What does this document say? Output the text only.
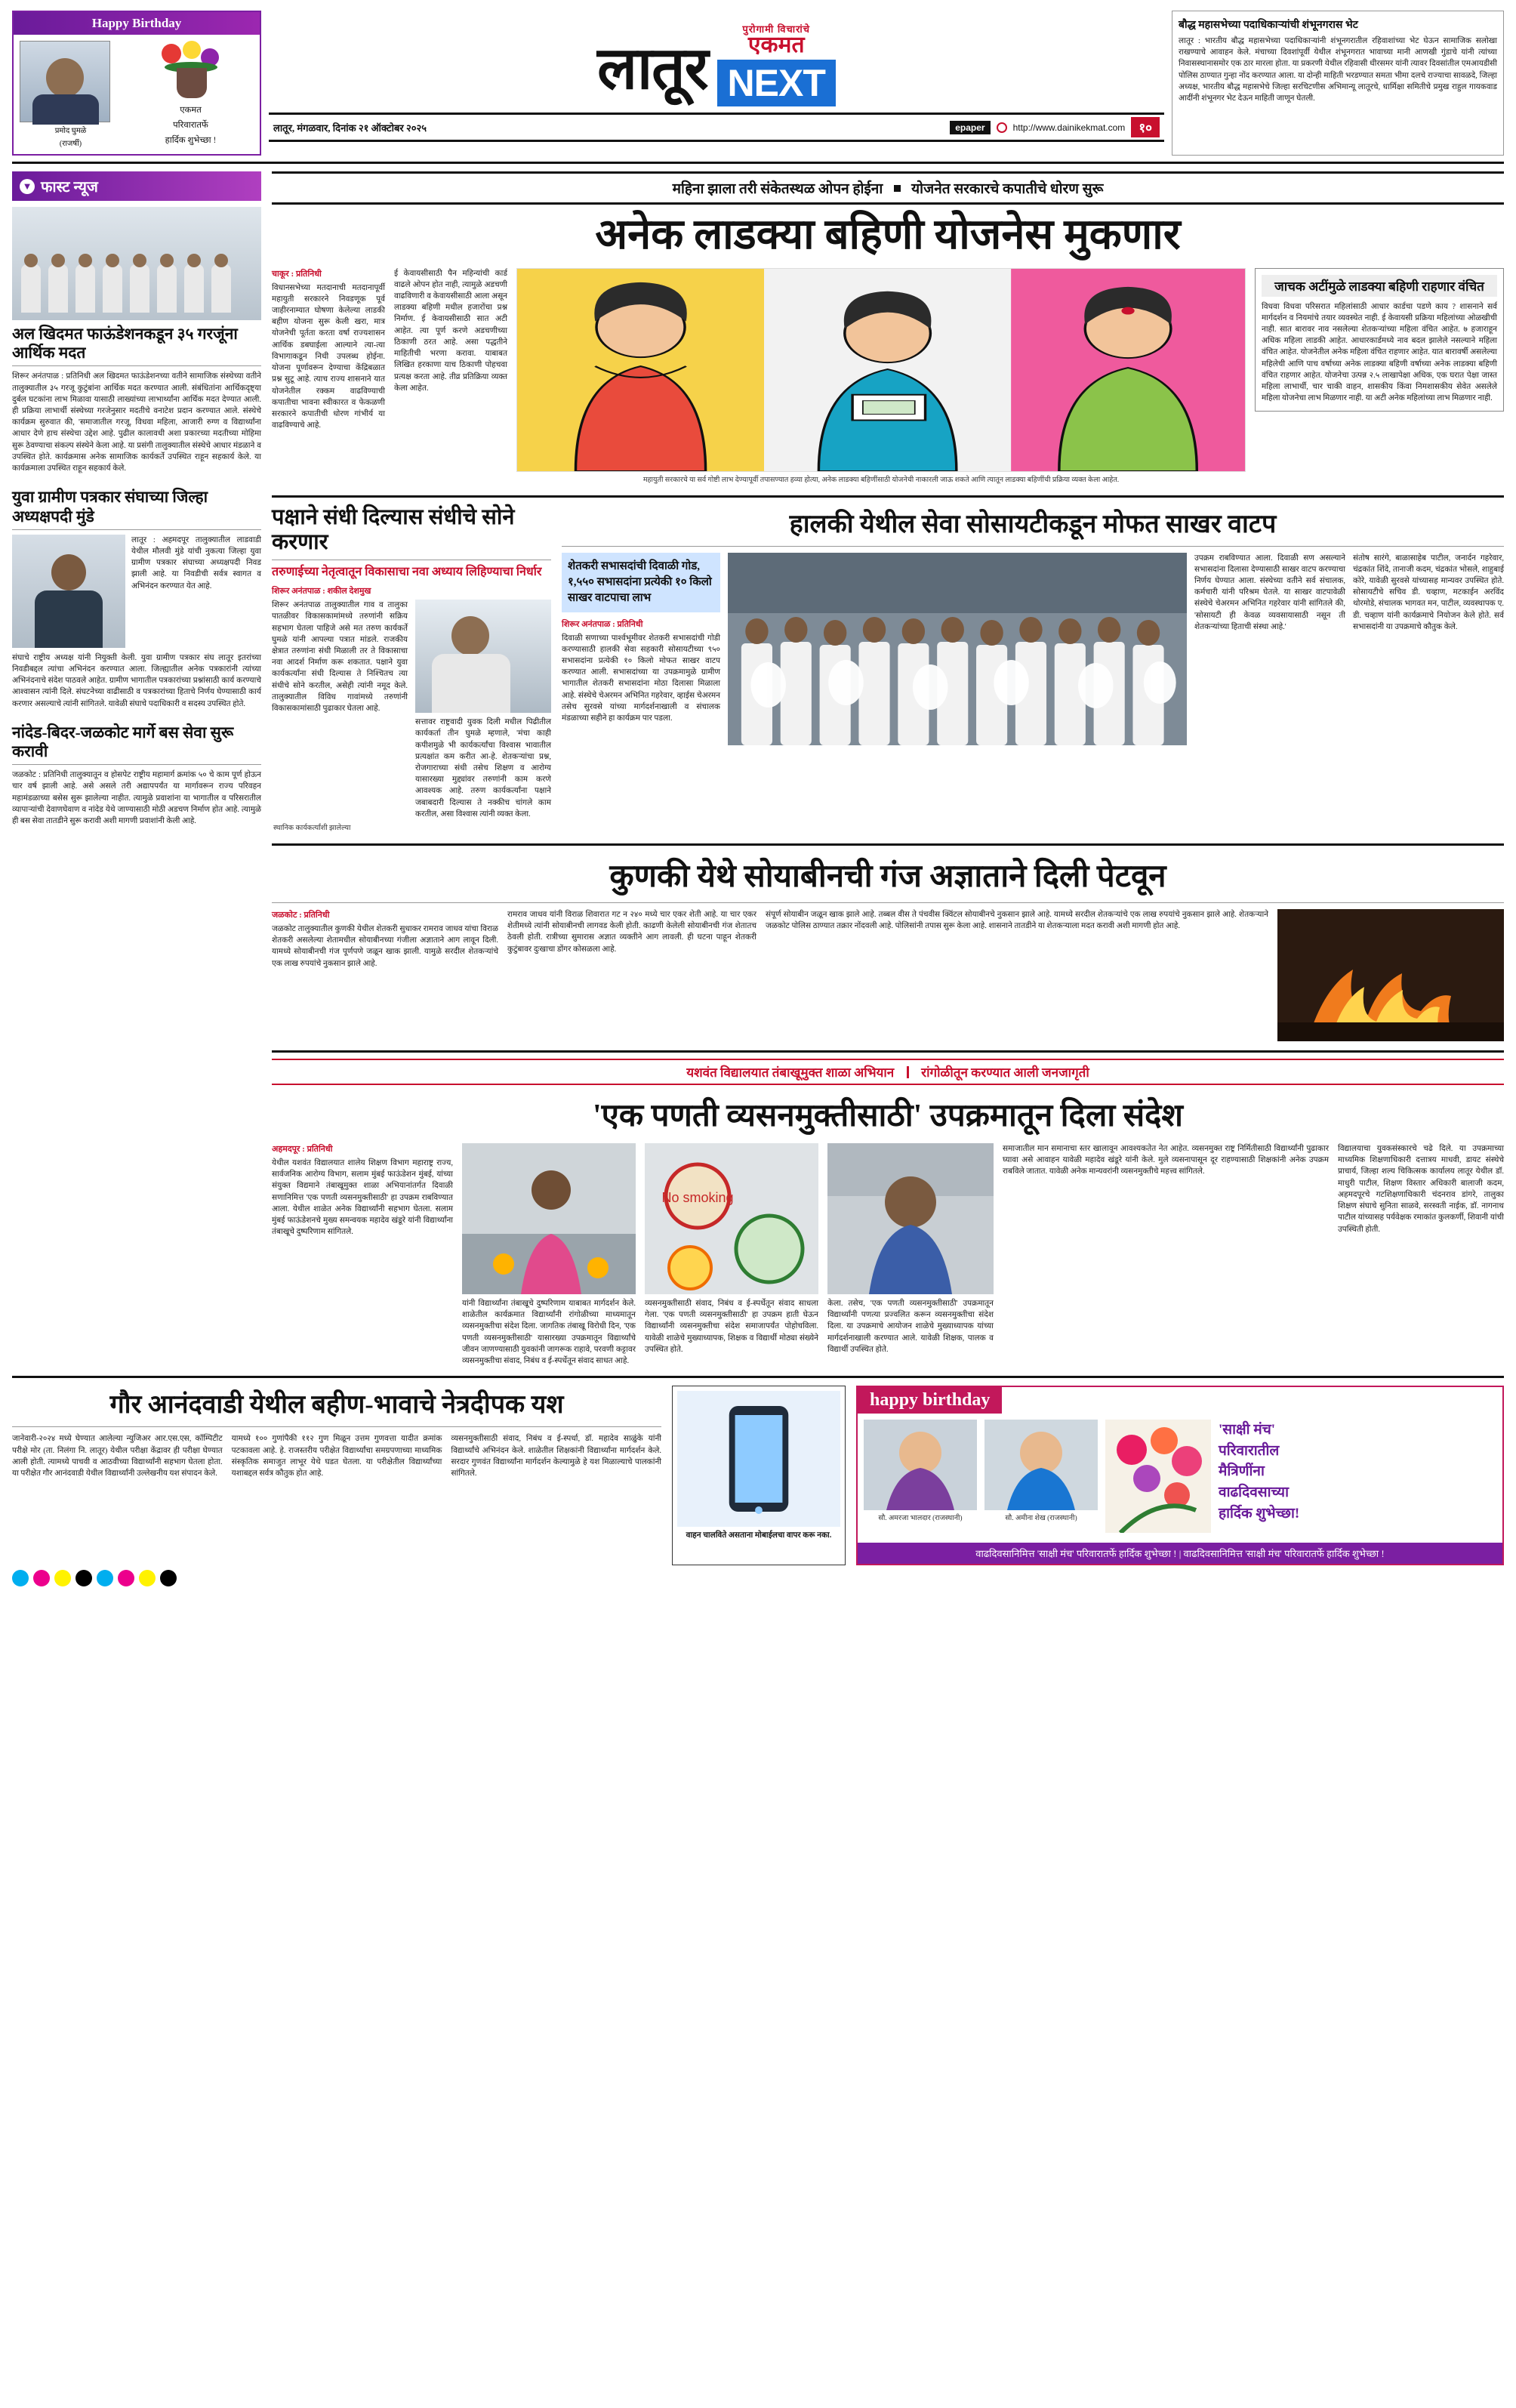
Happy Birthday
प्रमोद घुमळे
(राजर्षी)
एकमत
परिवारातर्फे
हार्दिक शुभेच्छा !
लातूर
पुरोगामी विचारांचे
एकमत
NEXT
लातूर, मंगळवार, दिनांक २१ ऑक्टोबर २०२५	epaper	http://www.dainikekmat.com	१०
बौद्ध महासभेच्या पदाधिकाऱ्यांची शंभूनगरास भेट
लातूर : भारतीय बौद्ध महासभेच्या पदाधिकाऱ्यांनी शंभूनगरातील रहिवाशांच्या भेट घेऊन सामाजिक सलोखा राखण्याचे आवाहन केले. मंचाच्या दिवशांपूर्वी येथील शंभूनगरात भावाच्या मानी आणखी गुंडाचे यांनी त्यांच्या निवासस्थानासमोर एक ठार मारला होता. या प्रकरणी येथील रहिवासी धीरसमर यांनी त्यावर दिवसांतील एमआयडीसी पोलिस ठाण्यात गुन्हा नोंद करण्यात आला. या दोन्ही माहिती भरडण्यात समता भीमा दलचे राज्याचा सावळदे, जिल्हा अध्यक्ष, भारतीय बौद्ध महासभेचे जिल्हा सरचिटणीस अभिमान्यू लातूरचे, धार्मिक्षा समितीचे प्रमुख राहुल गायकवाड आदींनी शंभूनगर भेट देऊन माहिती जाणून घेतली.
▼ फास्ट न्यूज
अल खिदमत फाऊंडेशनकडून ३५ गरजूंना आर्थिक मदत
शिरूर अनंतपाळ : प्रतिनिधी अल खिदमत फाऊंडेशनच्या वतीने सामाजिक संस्थेच्या वतीने तालुक्यातील ३५ गरजू कुटुंबांना आर्थिक मदत करण्यात आली. संबंधितांना आर्थिकदृष्ट्या दुर्बल घटकांना लाभ मिळावा यासाठी लाख्यांच्या लाभार्थ्यांना आर्थिक मदत देण्यात आली. ही प्रक्रिया लाभार्थी संस्थेच्या गरजेनुसार मदतीचे वनाटेश प्रदान करण्यात आले. संस्थेचे कार्यक्रम सुरुवात की, 'समाजातील गरजू, विधवा महिला, आजारी रुग्ण व विद्यार्थ्यांना आधार देणे हाच संस्थेचा उद्देश आहे. पुढील कालावधी अशा प्रकारच्या मदतीच्या मोहिमा सुरू ठेवण्याचा संकल्प संस्थेने केला आहे. या प्रसंगी तालुक्यातील संस्थेचे आधार मंडळाने व उपस्थित होते. कार्यक्रमास अनेक सामाजिक कार्यकर्ते उपस्थित राहून सहकार्य केले. या कार्यक्रमाला उपस्थित राहून सहकार्य केले.
युवा ग्रामीण पत्रकार संघाच्या जिल्हा अध्यक्षपदी मुंडे
लातूर : अहमदपूर तालुक्यातील लाडवाडी येथील मौलवी मुंडे यांची नुकत्या जिल्हा युवा ग्रामीण पत्रकार संघाच्या अध्यक्षपदी निवड झाली आहे. या निवडीची सर्वत्र स्वागत व अभिनंदन करण्यात येत आहे.
संघाचे राष्ट्रीय अध्यक्ष यांनी नियुक्ती केली. युवा ग्रामीण पत्रकार संघ लातूर इतरांच्या निवडीबद्दल त्यांचा अभिनंदन करण्यात आला. जिल्ह्यातील अनेक पत्रकारांनी त्यांच्या अभिनंदनाचे संदेश पाठवले आहेत. ग्रामीण भागातील पत्रकारांच्या प्रश्नांसाठी कार्य करण्याचे आश्वासन त्यांनी दिले. संघटनेच्या वाढीसाठी व पत्रकारांच्या हिताचे निर्णय घेण्यासाठी कार्य करणार असल्याचे त्यांनी सांगितले. यावेळी संघाचे पदाधिकारी व सदस्य उपस्थित होते.
नांदेड-बिदर-जळकोट मार्गे बस सेवा सुरू करावी
जळकोट : प्रतिनिधी तालुक्यातून व होसपेट राष्ट्रीय महामार्ग क्रमांक ५० चे काम पूर्ण होऊन चार वर्ष झाली आहे. असे असले तरी अद्यापपर्यंत या मार्गावरून राज्य परिवहन महामंडळाच्या बसेस सुरू झालेल्या नाहीत. त्यामुळे प्रवाशांना या भागातील व परिसरातील व्यापाऱ्यांची देवाणघेवाण व नांदेड येथे जाण्यासाठी मोठी अडचण निर्माण होत आहे. त्यामुळे ही बस सेवा तातडीने सुरू करावी अशी मागणी प्रवाशांनी केली आहे.
महिना झाला तरी संकेतस्थळ ओपन होईना योजनेत सरकारचे कपातीचे धोरण सुरू
अनेक लाडक्या बहिणी योजनेस मुकणार
चाकूर : प्रतिनिधी
विधानसभेच्या मतदानाची मतदानापूर्वी महायुती सरकारने निवडणूक पूर्व जाहीरनाम्यात घोषणा केलेल्या लाडकी बहीण योजना सुरू केली खरा, मात्र योजनेची पूर्तता करता वर्षा राज्यशासन आर्थिक डबघाईला आल्याने त्या-त्या विभागाकडून निधी उपलब्ध होईना. योजना पूर्णावरून देण्याचा केंद्रिबळात प्रश्न सुटू आहे. त्याच राज्य शासनाने यात योजनेतील रक्कम वाढविण्याची कपातीचा भावना स्वीकारत व फेकळणी सरकारने कपातीची धोरण गांभीर्य या वाढविण्याचे आहे.
ई केवायसीसाठी पैन महिन्यांची कार्ड वाढले ओपन होत नाही, त्यामुळे अडचणी वाढविणारी व केवायसीसाठी आला असून लाडक्या बहिणी मधील हजारोंचा प्रश्न निर्माण. ई केवायसीसाठी सात अटी आहेत. त्या पूर्ण करणे अडचणीच्या ठिकाणी ठरत आहे. असा पद्धतीने माहितीची भरणा करावा. याबाबत लिखित हरकाणा याच ठिकाणी पोहचवा प्रत्यक्ष करता आहे. तीव्र प्रतिक्रिया व्यक्त केला आहेत.
महायुती सरकारचे या सर्व गोष्टी लाभ देण्यापूर्वी तपासण्यात हव्या होत्या, अनेक लाडक्या बहिणींसाठी योजनेची नाकारली जाऊ शकते आणि त्यातून लाडक्या बहिणींची प्रक्रिया व्यक्त केला आहेत.
जाचक अटींमुळे लाडक्या बहिणी राहणार वंचित
विधवा विधवा परिसरात महिलांसाठी आधार कार्डचा पडणे काय ? शासनाने सर्व मार्गदर्शन व नियमांचे तयार व्यवस्थेत नाही. ई केवायसी प्रक्रिया महिलांच्या ओळखीची नाही. सात बारावर नाव नसलेल्या शेतकऱ्यांच्या महिला वंचित आहेत. ७ हजाराहून अधिक महिला लाडकी आहेत. आधारकार्डमध्ये नाव बदल झालेले नसल्याने महिला वंचित आहेत. योजनेतील अनेक महिला वंचित राहणार आहेत. यात बारावर्षी असलेल्या महिलेची आणि पाच वर्षाच्या अनेक लाडक्या बहिणी वर्षाच्या अनेक लाडक्या बहिणी वंचित राहणार आहेत. योजनेचा उत्पन्न २.५ लाखापेक्षा अधिक, एक घरात पेक्षा जास्त महिला लाभार्थी, चार चाकी वाहन, शासकीय किंवा निमशासकीय सेवेत असलेले महिला योजनेचा लाभ मिळणार नाही. या अटी अनेक महिलांच्या लाभ मिळणार नाही.
पक्षाने संधी दिल्यास संधीचे सोने करणार
तरुणाईच्या नेतृत्वातून विकासाचा नवा अध्याय लिहिण्याचा निर्धार
शिरूर अनंतपाळ : शकील देशमुख
शिरूर अनंतपाळ तालुक्यातील गाव व तालुका पातळीवर विकासकामांमध्ये तरुणांनी सक्रिय सहभाग घेतला पाहिजे असे मत तरुण कार्यकर्ते घुमळे यांनी आपल्या पत्रात मांडले. राजकीय क्षेत्रात तरुणांना संधी मिळाली तर ते विकासाचा नवा आदर्श निर्माण करू शकतात. पक्षाने युवा कार्यकर्त्यांना संधी दिल्यास ते निश्चितच त्या संधीचे सोने करतील, असेही त्यांनी नमूद केले. तालुक्यातील विविध गावांमध्ये तरुणांनी विकासकामांसाठी पुढाकार घेतला आहे.
सत्तावर राष्ट्रवादी युवक दिली मधील पिढीतील कार्यकर्ता तीन घुमळे म्हणाले, 'मंचा काही कपीशमुळे भी कार्यकर्त्यांचा विश्वास भावातील प्रत्यक्षांत कम करीत आ-हे. शेतकऱ्यांचा प्रश्न, रोजगाराच्या संधी तसेच शिक्षण व आरोग्य यासारख्या मुद्द्यांवर तरुणांनी काम करणे आवश्यक आहे. तरुण कार्यकर्त्यांना पक्षाने जबाबदारी दिल्यास ते नक्कीच चांगले काम करतील, असा विश्वास त्यांनी व्यक्त केला.
स्थानिक कार्यकर्त्यांशी झालेल्या
हालकी येथील सेवा सोसायटीकडून मोफत साखर वाटप
शेतकरी सभासदांची दिवाळी गोड, १,५५० सभासदांना प्रत्येकी १० किलो साखर वाटपाचा लाभ
शिरूर अनंतपाळ : प्रतिनिधी
दिवाळी सणाच्या पार्श्वभूमीवर शेतकरी सभासदांची गोडी करण्यासाठी हालकी सेवा सहकारी सोसायटीच्या ९५० सभासदांना प्रत्येकी १० किलो मोफत साखर वाटप करण्यात आली. सभासदांच्या या उपक्रमामुळे ग्रामीण भागातील शेतकरी सभासदांना मोठा दिलासा मिळाला आहे. संस्थेचे चेअरमन अभिनित गहरेवार, व्हाईस चेअरमन तसेच सुरवसे यांच्या मार्गदर्शनाखाली व संचालक मंडळाच्या सहीने हा कार्यक्रम पार पडला.
उपक्रम राबविण्यात आला. दिवाळी सण असल्याने सभासदांना दिलासा देण्यासाठी साखर वाटप करण्याचा निर्णय घेण्यात आला. संस्थेच्या वतीने सर्व संचालक, कर्मचारी यांनी परिश्रम घेतले. या साखर वाटपावेळी संस्थेचे चेअरमन अभिनित गहरेवार यांनी सांगितले की, 'सोसायटी ही केवळ व्यवसायासाठी नसून ती शेतकऱ्यांच्या हिताची संस्था आहे.'
संतोष सारंगे, बाळासाहेब पाटील, जनार्दन गहरेवार, चंद्रकांत शिंदे, तानाजी कदम, चंद्रकांत भोसले, शाहुबाई कोरे, यावेळी सुरवसे यांच्यासह मान्यवर उपस्थित होते. सोसायटीचे सचिव डी. चव्हाण, मटकाईन अरविंद थोरमोडे, संचालक भागवत मन, पाटील, व्यवस्थापक ए. डी. चव्हाण यांनी कार्यक्रमाचे नियोजन केले होते. सर्व सभासदांनी या उपक्रमाचे कौतुक केले.
कुणकी येथे सोयाबीनची गंज अज्ञाताने दिली पेटवून
जळकोट : प्रतिनिधी
जळकोट तालुक्यातील कुणकी येथील शेतकरी सुधाकर रामराव जाधव यांचा विराळ शेतकरी असलेल्या शेतामधील सोयाबीनच्या गंजीला अज्ञाताने आग लावून दिली. यामध्ये सोयाबीनची गंज पूर्णपणे जळून खाक झाली. यामुळे सरदील शेतकऱ्यांचे एक लाख रुपयांचे नुकसान झाले आहे.
रामराव जाधव यांनी विराळ शिवारात गट न २४० मध्ये चार एकर शेती आहे. या चार एकर शेतीमध्ये त्यांनी सोयाबीनची लागवड केली होती. काढणी केलेली सोयाबीनची गंज शेतातच ठेवली होती. रात्रीच्या सुमारास अज्ञात व्यक्तीने आग लावली. ही घटना पाहून शेतकरी कुटुंबावर दुःखाचा डोंगर कोसळला आहे.
संपूर्ण सोयाबीन जळून खाक झाले आहे. तब्बल वीस ते पंचवीस क्विंटल सोयाबीनचे नुकसान झाले आहे. यामध्ये सरदील शेतकऱ्यांचे एक लाख रुपयांचे नुकसान झाले आहे. शेतकऱ्याने जळकोट पोलिस ठाण्यात तक्रार नोंदवली आहे. पोलिसांनी तपास सुरू केला आहे. शासनाने तातडीने या शेतकऱ्याला मदत करावी अशी मागणी होत आहे.
यशवंत विद्यालयात तंबाखूमुक्त शाळा अभियान रांगोळीतून करण्यात आली जनजागृती
'एक पणती व्यसनमुक्तीसाठी' उपक्रमातून दिला संदेश
अहमदपूर : प्रतिनिधी
येथील यशवंत विद्यालयात शालेय शिक्षण विभाग महाराष्ट्र राज्य, सार्वजनिक आरोग्य विभाग, सलाम मुंबई फाऊंडेशन मुंबई, यांच्या संयुक्त विद्यमाने तंबाखूमुक्त शाळा अभियानांतर्गत दिवाळी सणानिमित्त 'एक पणती व्यसनमुक्तीसाठी' हा उपक्रम राबविण्यात आला. येथील शाळेत अनेक विद्यार्थ्यांनी सहभाग घेतला. सलाम मुंबई फाऊंडेशनचे मुख्य समन्वयक महादेव खंडूरे यांनी विद्यार्थ्यांना तंबाखूचे दुष्परिणाम सांगितले.
यांनी विद्यार्थ्यांना तंबाखूचे दुष्परिणाम याबाबत मार्गदर्शन केले. शाळेतील कार्यक्रमात विद्यार्थ्यांनी रांगोळीच्या माध्यमातून व्यसनमुक्तीचा संदेश दिला. जागतिक तंबाखू विरोधी दिन, 'एक पणती व्यसनमुक्तीसाठी' यासारख्या उपक्रमातून विद्यार्थ्यांचे जीवन जाणण्यासाठी युवकांनी जागरूक राहावे, परवणी कट्टावर व्यसनमुक्तीचा संवाद, निबंध व ई-स्पर्धेतून संवाद साधत आहे.
No smoking
व्यसनमुक्तीसाठी संवाद, निबंध व ई-स्पर्धेतून संवाद साधला गेला. 'एक पणती व्यसनमुक्तीसाठी' हा उपक्रम हाती घेऊन विद्यार्थ्यांनी व्यसनमुक्तीचा संदेश समाजापर्यंत पोहोचविला. यावेळी शाळेचे मुख्याध्यापक, शिक्षक व विद्यार्थी मोठ्या संख्येने उपस्थित होते.
केला. तसेच, 'एक पणती व्यसनमुक्तीसाठी' उपक्रमातून विद्यार्थ्यांनी पणत्या प्रज्वलित करून व्यसनमुक्तीचा संदेश दिला. या उपक्रमाचे आयोजन शाळेचे मुख्याध्यापक यांच्या मार्गदर्शनाखाली करण्यात आले. यावेळी शिक्षक, पालक व विद्यार्थी उपस्थित होते.
समाजातील मान समानाचा स्तर खालावून आवश्यकतेत नेत आहेत. व्यसनमुक्त राष्ट्र निर्मितीसाठी विद्यार्थ्यांनी पुढाकार घ्यावा असे आवाहन यावेळी महादेव खंडूरे यांनी केले. मुले व्यसनापासून दूर राहण्यासाठी शिक्षकांनी अनेक उपक्रम राबविले जातात. यावेळी अनेक मान्यवरांनी व्यसनमुक्तीचे महत्त्व सांगितले.
विद्यालयाचा युवकसंस्कारचे चढे दिले. या उपक्रमाच्या माध्यमिक शिक्षणाधिकारी दत्तात्रय माधवी, डायट संस्थेचे प्राचार्य, जिल्हा शल्य चिकित्सक कार्यालय लातूर येथील डॉ. माधुरी पाटील, शिक्षण विस्तार अधिकारी बालाजी कदम, अहमदपूरचे गटशिक्षणाधिकारी चंदनराव डांगरे, तालुका शिक्षण संघाचे सुनिता साळवे, सरस्वती नाईक, डॉ. नागनाथ पाटील यांच्यासह पर्यवेक्षक रमाकांत कुलकर्णी, शिवानी यांची उपस्थिती होती.
गौर आनंदवाडी येथील बहीण-भावाचे नेत्रदीपक यश
जानेवारी-२०२४ मध्ये घेण्यात आलेल्या न्युजिअर आर.एस.एस, कॉम्पिटीट परीक्षे मोर (ता. निलंगा नि. लातूर) येथील परीक्षा केंद्रावर ही परीक्षा घेण्यात आली होती. त्यामध्ये पाचवी व आठवीच्या विद्यार्थ्यांनी सहभाग घेतला होता. या परीक्षेत गौर आनंदवाडी येथील विद्यार्थ्यांनी उल्लेखनीय यश संपादन केले.
यामध्ये १०० गुणांपैकी ११२ गुण मिळून उत्तम गुणवत्ता यादीत क्रमांक पटकावला आहे. हे. राजस्तरीय परीक्षेत विद्यार्थ्यांचा समग्रपणाच्या माध्यमिक संस्कृतिक समाजुत लाभूर येथे घडत घेतला. या परीक्षेतील विद्यार्थ्यांच्या यशाबद्दल सर्वत्र कौतुक होत आहे.
व्यसनमुक्तीसाठी संवाद, निबंध व ई-स्पर्धा, डॉ. महादेव साळुंके यांनी विद्यार्थ्यांचे अभिनंदन केले. शाळेतील शिक्षकांनी विद्यार्थ्यांना मार्गदर्शन केले. सरदार गुणवंत विद्यार्थ्यांना मार्गदर्शन केल्यामुळे हे यश मिळाल्याचे पालकांनी सांगितले.
वाहन चालविते असताना मोबाईलचा वापर करू नका.
happy birthday
सौ. अमरजा भालदार (राजस्थानी)	सौ. अमीना शेख (राजस्थानी)
'साक्षी मंच'
परिवारातील
मैत्रिणींना
वाढदिवसाच्या
हार्दिक शुभेच्छा!
वाढदिवसानिमित्त 'साक्षी मंच' परिवारातर्फे हार्दिक शुभेच्छा ! | वाढदिवसानिमित्त 'साक्षी मंच' परिवारातर्फे हार्दिक शुभेच्छा !
